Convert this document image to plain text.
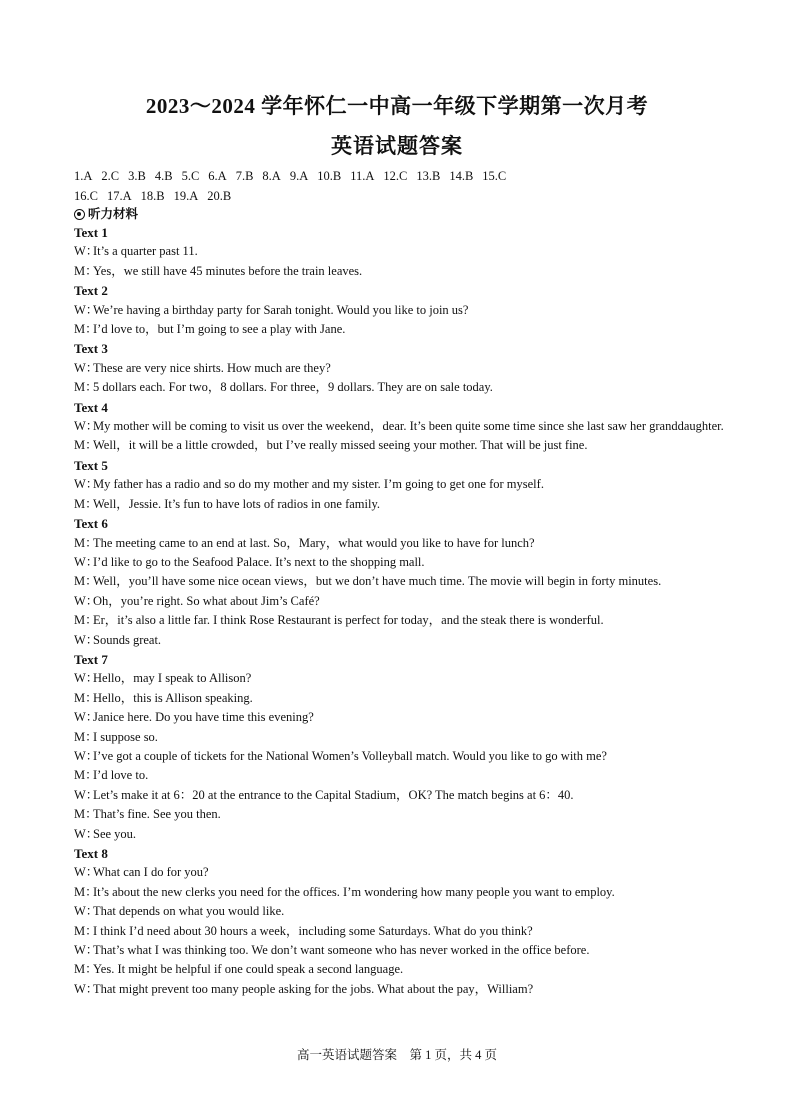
2023～2024 学年怀仁一中高一年级下学期第一次月考
英语试题答案
1.A 2.C 3.B 4.B 5.C 6.A 7.B 8.A 9.A 10.B 11.A 12.C 13.B 14.B 15.C
16.C 17.A 18.B 19.A 20.B
听力材料
Text 1
W：
It’s a quarter past 11.
M：
Yes，we still have 45 minutes before the train leaves.
Text 2
W：
We’re having a birthday party for Sarah tonight. Would you like to join us?
M：
I’d love to，but I’m going to see a play with Jane.
Text 3
W：
These are very nice shirts. How much are they?
M：
5 dollars each. For two，8 dollars. For three，9 dollars. They are on sale today.
Text 4
W：
My mother will be coming to visit us over the weekend，dear. It’s been quite some time since she last saw her granddaughter.
M：
Well，it will be a little crowded，but I’ve really missed seeing your mother. That will be just fine.
Text 5
W：
My father has a radio and so do my mother and my sister. I’m going to get one for myself.
M：
Well，Jessie. It’s fun to have lots of radios in one family.
Text 6
M：
The meeting came to an end at last. So，Mary，what would you like to have for lunch?
W：
I’d like to go to the Seafood Palace. It’s next to the shopping mall.
M：
Well，you’ll have some nice ocean views，but we don’t have much time. The movie will begin in forty minutes.
W：
Oh，you’re right. So what about Jim’s Café?
M：
Er，it’s also a little far. I think Rose Restaurant is perfect for today，and the steak there is wonderful.
W：
Sounds great.
Text 7
W：
Hello，may I speak to Allison?
M：
Hello，this is Allison speaking.
W：
Janice here. Do you have time this evening?
M：
I suppose so.
W：
I’ve got a couple of tickets for the National Women’s Volleyball match. Would you like to go with me?
M：
I’d love to.
W：
Let’s make it at 6：20 at the entrance to the Capital Stadium，OK? The match begins at 6：40.
M：
That’s fine. See you then.
W：
See you.
Text 8
W：
What can I do for you?
M：
It’s about the new clerks you need for the offices. I’m wondering how many people you want to employ.
W：
That depends on what you would like.
M：
I think I’d need about 30 hours a week，including some Saturdays. What do you think?
W：
That’s what I was thinking too. We don’t want someone who has never worked in the office before.
M：
Yes. It might be helpful if one could speak a second language.
W：
That might prevent too many people asking for the jobs. What about the pay，William?
高一英语试题答案　第 1 页，共 4 页
